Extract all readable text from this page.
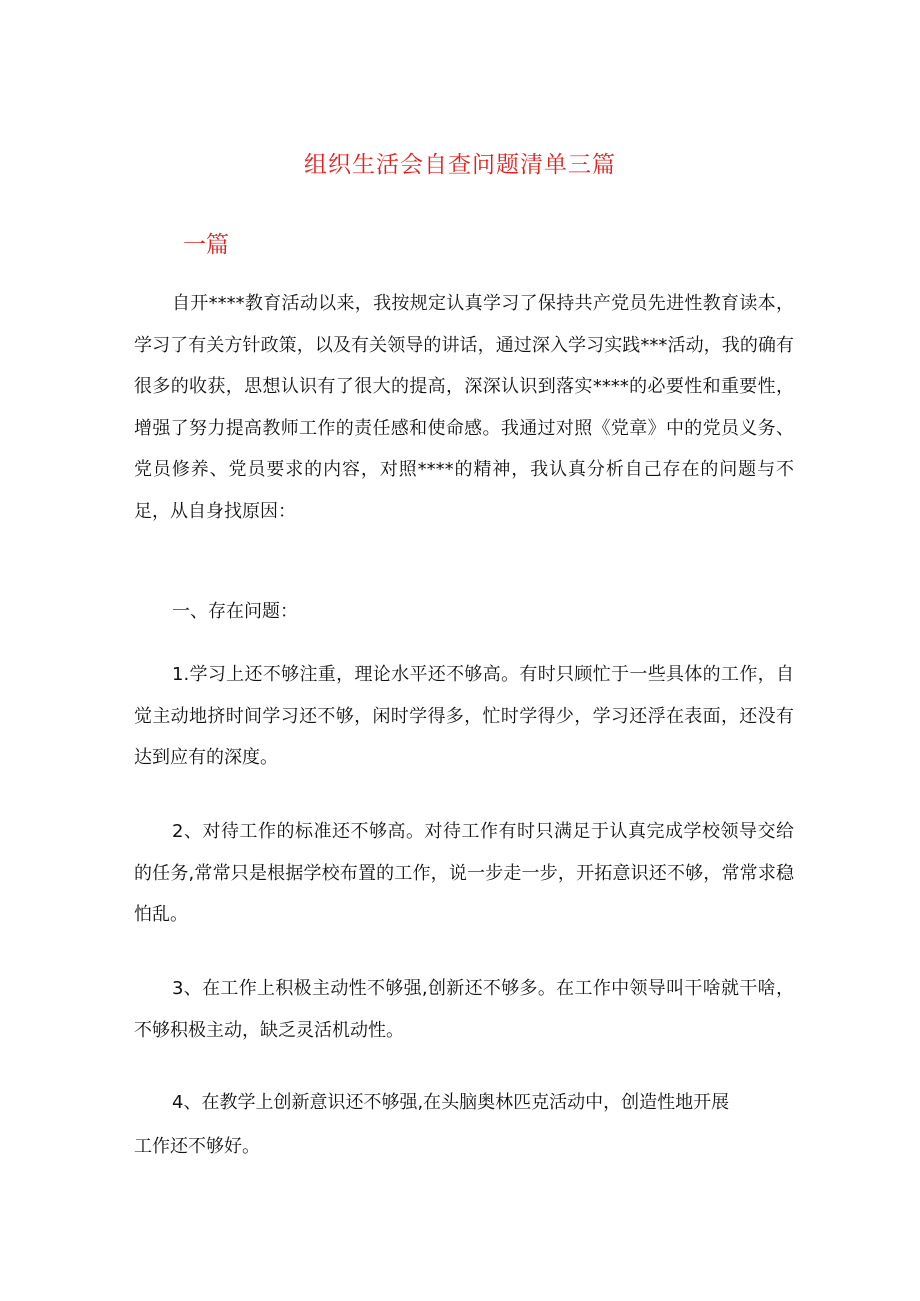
组织生活会自查问题清单三篇
一篇

自开****教育活动以来，我按规定认真学习了保持共产党员先进性教育读本，学习了有关方针政策，以及有关领导的讲话，通过深入学习实践***活动，我的确有很多的收获，思想认识有了很大的提高，深深认识到落实****的必要性和重要性，增强了努力提高教师工作的责任感和使命感。我通过对照《党章》中的党员义务、党员修养、党员要求的内容，对照****的精神，我认真分析自己存在的问题与不足，从自身找原因：

一、存在问题：

1.学习上还不够注重，理论水平还不够高。有时只顾忙于一些具体的工作，自觉主动地挤时间学习还不够，闲时学得多，忙时学得少，学习还浮在表面，还没有达到应有的深度。

2、对待工作的标准还不够高。对待工作有时只满足于认真完成学校领导交给的任务,常常只是根据学校布置的工作，说一步走一步，开拓意识还不够，常常求稳怕乱。

3、在工作上积极主动性不够强,创新还不够多。在工作中领导叫干啥就干啥，不够积极主动，缺乏灵活机动性。

4、在教学上创新意识还不够强,在头脑奥林匹克活动中，创造性地开展

工作还不够好。
